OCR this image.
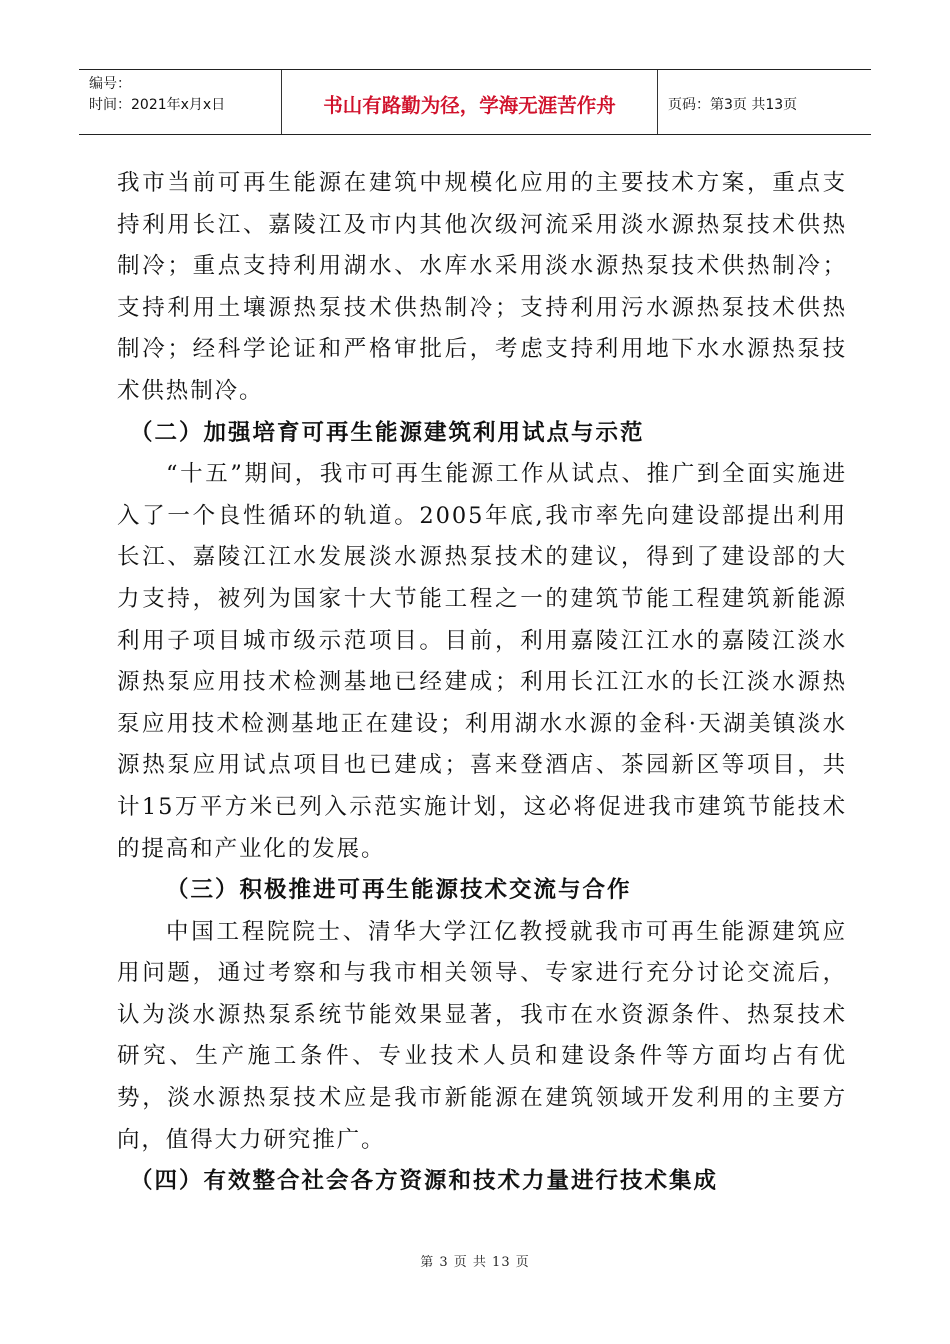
编号：
时间：2021年x月x日	书山有路勤为径，学海无涯苦作舟	页码：第3页 共13页

我市当前可再生能源在建筑中规模化应用的主要技术方案，重点支持利用长江、嘉陵江及市内其他次级河流采用淡水源热泵技术供热制冷；重点支持利用湖水、水库水采用淡水源热泵技术供热制冷；支持利用土壤源热泵技术供热制冷；支持利用污水源热泵技术供热制冷；经科学论证和严格审批后，考虑支持利用地下水水源热泵技术供热制冷。

（二）加强培育可再生能源建筑利用试点与示范

“十五”期间，我市可再生能源工作从试点、推广到全面实施进入了一个良性循环的轨道。2005年底,我市率先向建设部提出利用长江、嘉陵江江水发展淡水源热泵技术的建议，得到了建设部的大力支持，被列为国家十大节能工程之一的建筑节能工程建筑新能源利用子项目城市级示范项目。目前，利用嘉陵江江水的嘉陵江淡水源热泵应用技术检测基地已经建成；利用长江江水的长江淡水源热泵应用技术检测基地正在建设；利用湖水水源的金科·天湖美镇淡水源热泵应用试点项目也已建成；喜来登酒店、茶园新区等项目，共计15万平方米已列入示范实施计划，这必将促进我市建筑节能技术的提高和产业化的发展。

（三）积极推进可再生能源技术交流与合作

中国工程院院士、清华大学江亿教授就我市可再生能源建筑应用问题，通过考察和与我市相关领导、专家进行充分讨论交流后，认为淡水源热泵系统节能效果显著，我市在水资源条件、热泵技术研究、生产施工条件、专业技术人员和建设条件等方面均占有优势，淡水源热泵技术应是我市新能源在建筑领域开发利用的主要方向，值得大力研究推广。

（四）有效整合社会各方资源和技术力量进行技术集成

第 3 页 共 13 页
